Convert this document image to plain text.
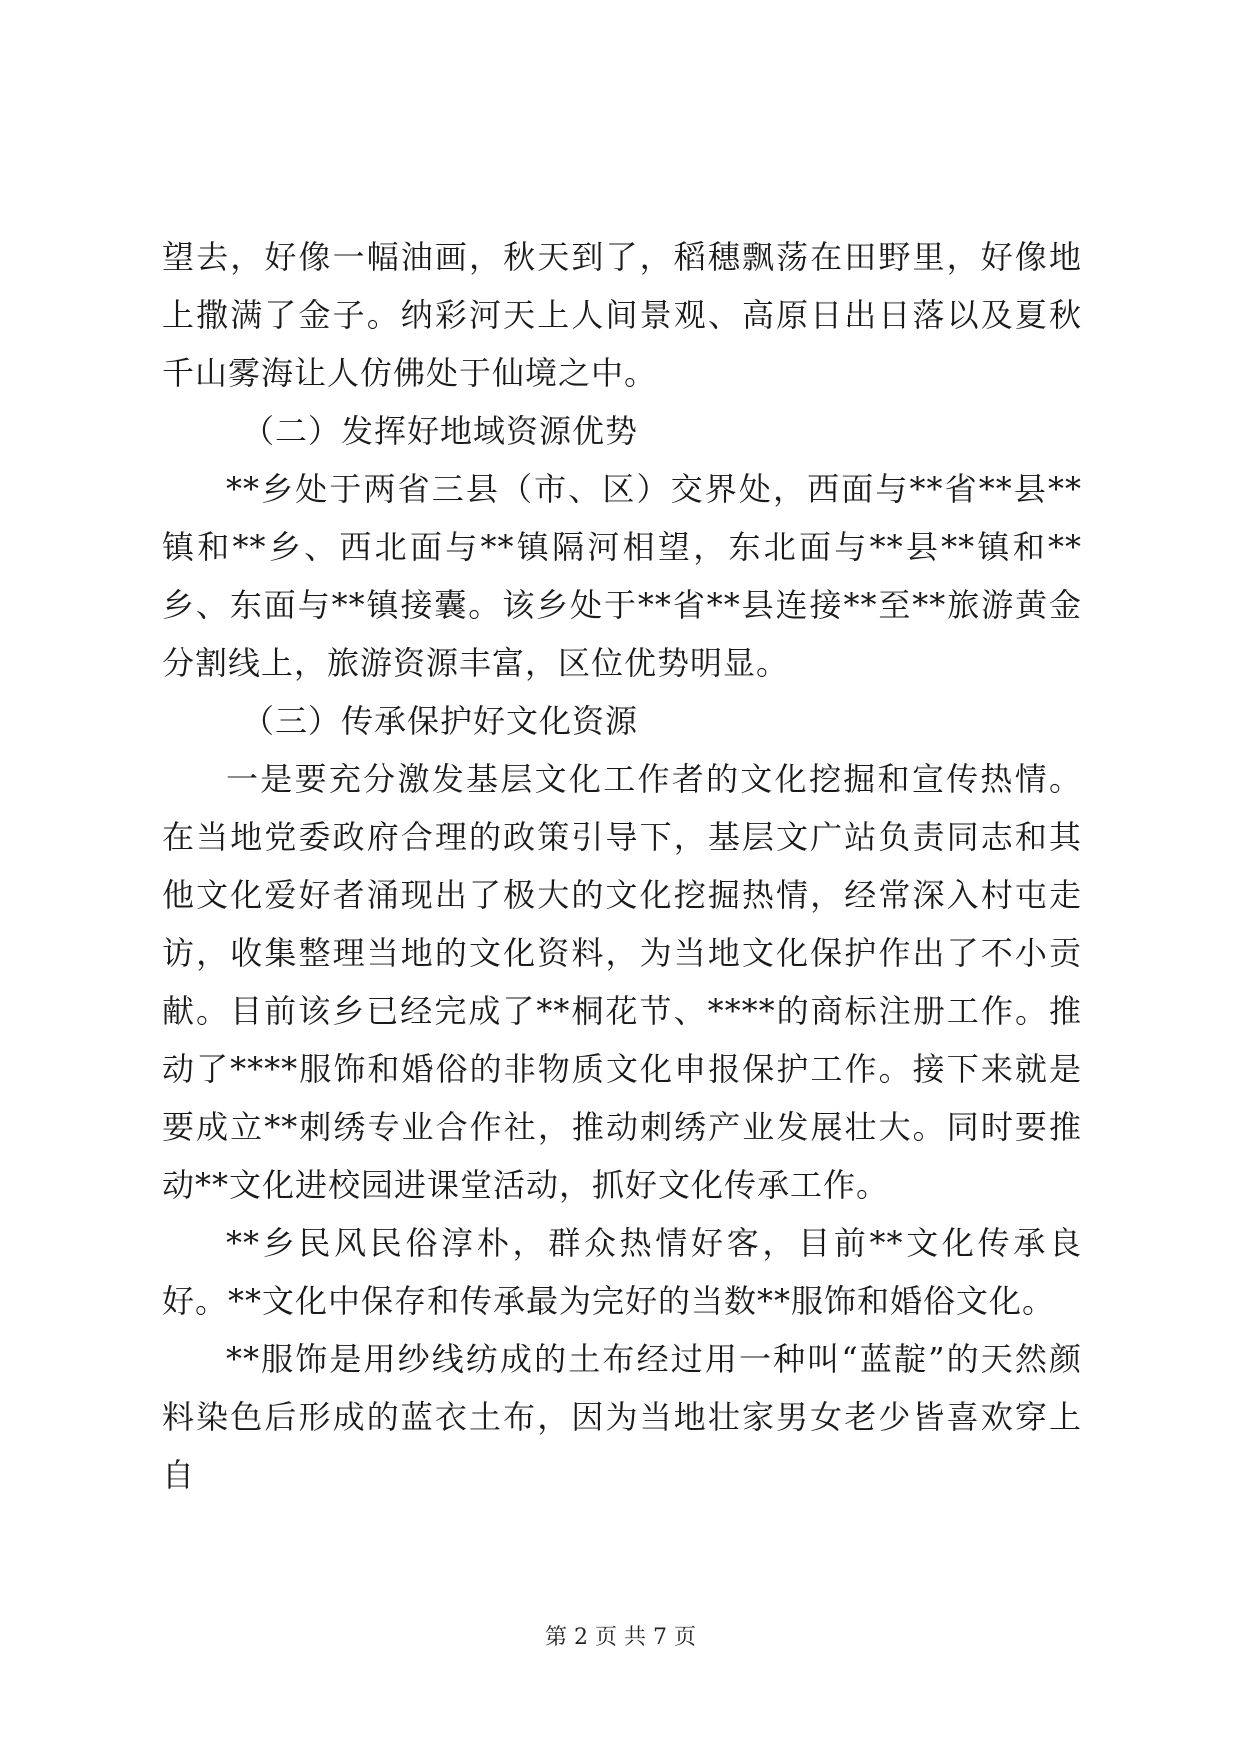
望去，好像一幅油画，秋天到了，稻穗飘荡在田野里，好像地上撒满了金子。纳彩河天上人间景观、高原日出日落以及夏秋千山雾海让人仿佛处于仙境之中。

（二）发挥好地域资源优势

**乡处于两省三县（市、区）交界处，西面与**省**县**镇和**乡、西北面与**镇隔河相望，东北面与**县**镇和**乡、东面与**镇接囊。该乡处于**省**县连接**至**旅游黄金分割线上，旅游资源丰富，区位优势明显。

（三）传承保护好文化资源

一是要充分激发基层文化工作者的文化挖掘和宣传热情。在当地党委政府合理的政策引导下，基层文广站负责同志和其他文化爱好者涌现出了极大的文化挖掘热情，经常深入村屯走访，收集整理当地的文化资料，为当地文化保护作出了不小贡献。目前该乡已经完成了**桐花节、****的商标注册工作。推动了****服饰和婚俗的非物质文化申报保护工作。接下来就是要成立**刺绣专业合作社，推动刺绣产业发展壮大。同时要推动**文化进校园进课堂活动，抓好文化传承工作。

**乡民风民俗淳朴，群众热情好客，目前**文化传承良好。**文化中保存和传承最为完好的当数**服饰和婚俗文化。

**服饰是用纱线纺成的土布经过用一种叫“蓝靛”的天然颜料染色后形成的蓝衣土布，因为当地壮家男女老少皆喜欢穿上自

第 2 页 共 7 页
